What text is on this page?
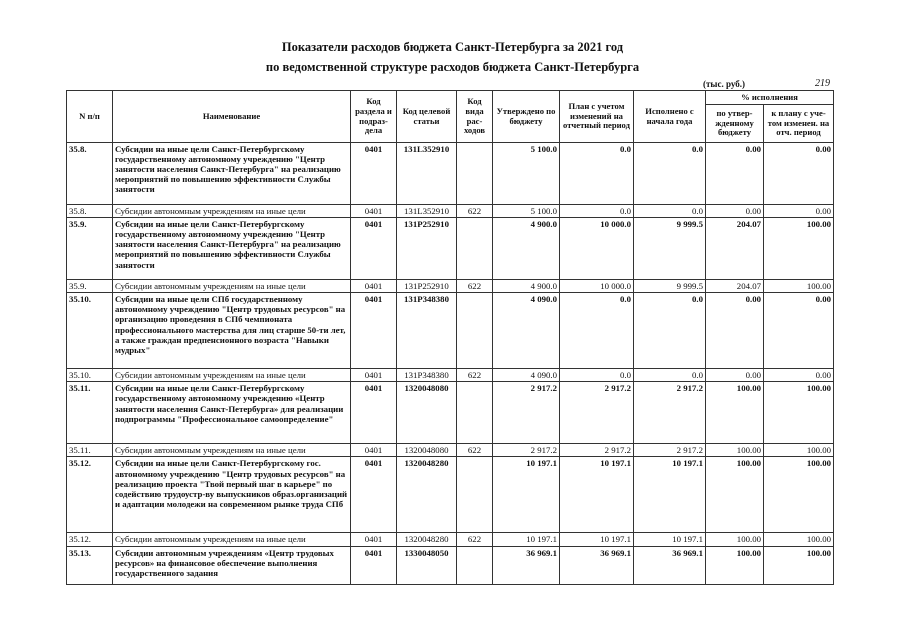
Показатели расходов бюджета Санкт-Петербурга за 2021 год
по ведомственной структуре расходов бюджета Санкт-Петербурга
(тыс. руб.)	219
N п/п	Наименование	Код раздела и подраз-дела	Код целевой статьи	Код вида рас-ходов	Утверждено по бюджету	План с учетом изменений на отчетный период	Исполнено с начала года	% исполнения	
								по утвер-жденному бюджету	к плану с уче-том изменен. на отч. период
35.8.	Субсидии на иные цели Санкт-Петербургскому государственному автономному учреждению "Центр занятости населения Санкт-Петербурга" на реализацию мероприятий по повышению эффективности Службы занятости	0401	131L352910		5 100.0	0.0	0.0	0.00	0.00
35.8.	Субсидии автономным учреждениям на иные цели	0401	131L352910	622	5 100.0	0.0	0.0	0.00	0.00
35.9.	Субсидии на иные цели Санкт-Петербургскому государственному автономному учреждению "Центр занятости населения Санкт-Петербурга" на реализацию мероприятий по повышению эффективности Службы занятости	0401	131P252910		4 900.0	10 000.0	9 999.5	204.07	100.00
35.9.	Субсидии автономным учреждениям на иные цели	0401	131P252910	622	4 900.0	10 000.0	9 999.5	204.07	100.00
35.10.	Субсидии на иные цели СПб государственному автономному учреждению "Центр трудовых ресурсов" на организацию проведения в СПб чемпионата профессионального мастерства для лиц старше 50-ти лет, а также граждан предпенсионного возраста "Навыки мудрых"	0401	131P348380		4 090.0	0.0	0.0	0.00	0.00
35.10.	Субсидии автономным учреждениям на иные цели	0401	131P348380	622	4 090.0	0.0	0.0	0.00	0.00
35.11.	Субсидии на иные цели Санкт-Петербургскому государственному автономному учреждению «Центр занятости населения Санкт-Петербурга» для реализации подпрограммы "Профессиональное самоопределение"	0401	1320048080		2 917.2	2 917.2	2 917.2	100.00	100.00
35.11.	Субсидии автономным учреждениям на иные цели	0401	1320048080	622	2 917.2	2 917.2	2 917.2	100.00	100.00
35.12.	Субсидии на иные цели Санкт-Петербургскому гос. автономному учреждению "Центр трудовых ресурсов" на реализацию проекта "Твой первый шаг в карьере" по содействию трудоустр-ву выпускников образ.организаций и адаптации молодежи на современном рынке труда СПб	0401	1320048280		10 197.1	10 197.1	10 197.1	100.00	100.00
35.12.	Субсидии автономным учреждениям на иные цели	0401	1320048280	622	10 197.1	10 197.1	10 197.1	100.00	100.00
35.13.	Субсидии автономным учреждениям «Центр трудовых ресурсов» на финансовое обеспечение выполнения государственного задания	0401	1330048050		36 969.1	36 969.1	36 969.1	100.00	100.00
